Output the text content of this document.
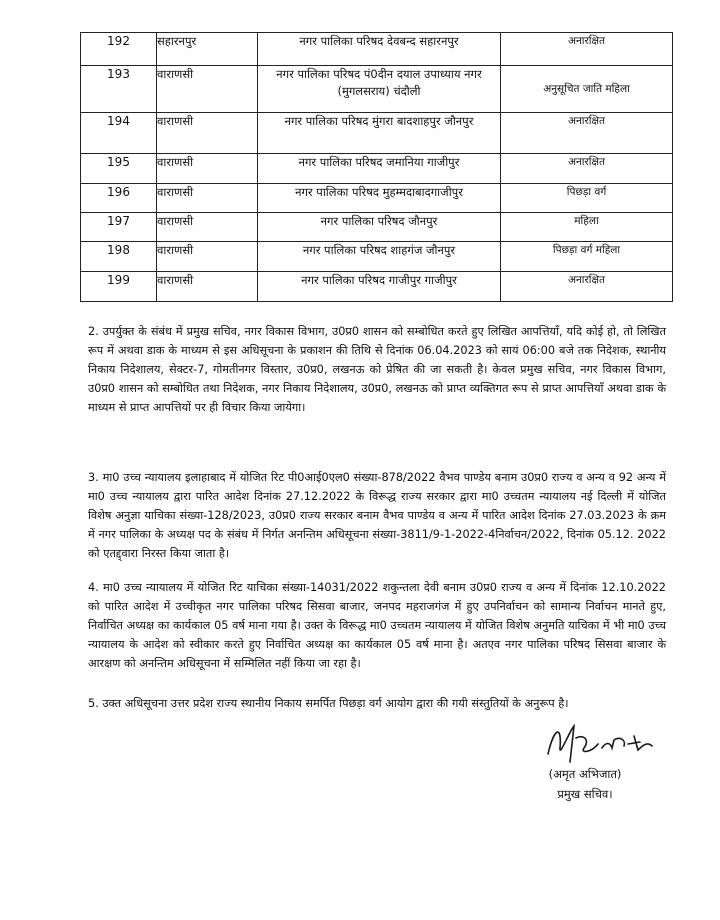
192	सहारनपुर	नगर पालिका परिषद देवबन्द सहारनपुर	अनारक्षित
193	वाराणसी	नगर पालिका परिषद पं0दीन दयाल उपाध्याय नगर (मुगलसराय) चंदौली	अनुसूचित जाति महिला
194	वाराणसी	नगर पालिका परिषद मुंगरा बादशाहपुर जौनपुर	अनारक्षित
195	वाराणसी	नगर पालिका परिषद जमानिया गाजीपुर	अनारक्षित
196	वाराणसी	नगर पालिका परिषद मुहम्मदाबादगाजीपुर	पिछड़ा वर्ग
197	वाराणसी	नगर पालिका परिषद जौनपुर	महिला
198	वाराणसी	नगर पालिका परिषद शाहगंज जौनपुर	पिछड़ा वर्ग महिला
199	वाराणसी	नगर पालिका परिषद गाजीपुर गाजीपुर	अनारक्षित

2. उपर्युक्त के संबंध में प्रमुख सचिव, नगर विकास विभाग, उ0प्र0 शासन को सम्बोधित करते हुए लिखित आपत्तियाँ, यदि कोई हो, तो लिखित रूप में अथवा डाक के माध्यम से इस अधिसूचना के प्रकाशन की तिथि से दिनांक 06.04.2023 को सायं 06:00 बजे तक निदेशक, स्थानीय निकाय निदेशालय, सेक्टर-7, गोमतीनगर विस्तार, उ0प्र0, लखनऊ को प्रेषित की जा सकती है। केवल प्रमुख सचिव, नगर विकास विभाग, उ0प्र0 शासन को सम्बोधित तथा निदेशक, नगर निकाय निदेशालय, उ0प्र0, लखनऊ को प्राप्त व्यक्तिगत रूप से प्राप्त आपत्तियाँ अथवा डाक के माध्यम से प्राप्त आपत्तियों पर ही विचार किया जायेगा।

3. मा0 उच्च न्यायालय इलाहाबाद में योजित रिट पी0आई0एल0 संख्या-878/2022 वैभव पाण्डेय बनाम उ0प्र0 राज्य व अन्य व 92 अन्य में मा0 उच्च न्यायालय द्वारा पारित आदेश दिनांक 27.12.2022 के विरूद्ध राज्य सरकार द्वारा मा0 उच्चतम न्यायालय नई दिल्ली में योजित विशेष अनुज्ञा याचिका संख्या-128/2023, उ0प्र0 राज्य सरकार बनाम वैभव पाण्डेय व अन्य में पारित आदेश दिनांक 27.03.2023 के क्रम में नगर पालिका के अध्यक्ष पद के संबंध में निर्गत अनन्तिम अधिसूचना संख्या-3811/9-1-2022-4निर्वाचन/2022, दिनांक 05.12. 2022 को एतद्द्वारा निरस्त किया जाता है।

4. मा0 उच्च न्यायालय में योजित रिट याचिका संख्या-14031/2022 शकुन्तला देवी बनाम उ0प्र0 राज्य व अन्य में दिनांक 12.10.2022 को पारित आदेश में उच्चीकृत नगर पालिका परिषद सिसवा बाजार, जनपद महराजगंज में हुए उपनिर्वाचन को सामान्य निर्वाचन मानते हुए, निर्वाचित अध्यक्ष का कार्यकाल 05 वर्ष माना गया है। उक्त के विरूद्ध मा0 उच्चतम न्यायालय में योजित विशेष अनुमति याचिका में भी मा0 उच्च न्यायालय के आदेश को स्वीकार करते हुए निर्वाचित अध्यक्ष का कार्यकाल 05 वर्ष माना है। अतएव नगर पालिका परिषद सिसवा बाजार के आरक्षण को अनन्तिम अधिसूचना में सम्मिलित नहीं किया जा रहा है।

5. उक्त अधिसूचना उत्तर प्रदेश राज्य स्थानीय निकाय समर्पित पिछड़ा वर्ग आयोग द्वारा की गयी संस्तुतियों के अनुरूप है।

(अमृत अभिजात)
प्रमुख सचिव।
